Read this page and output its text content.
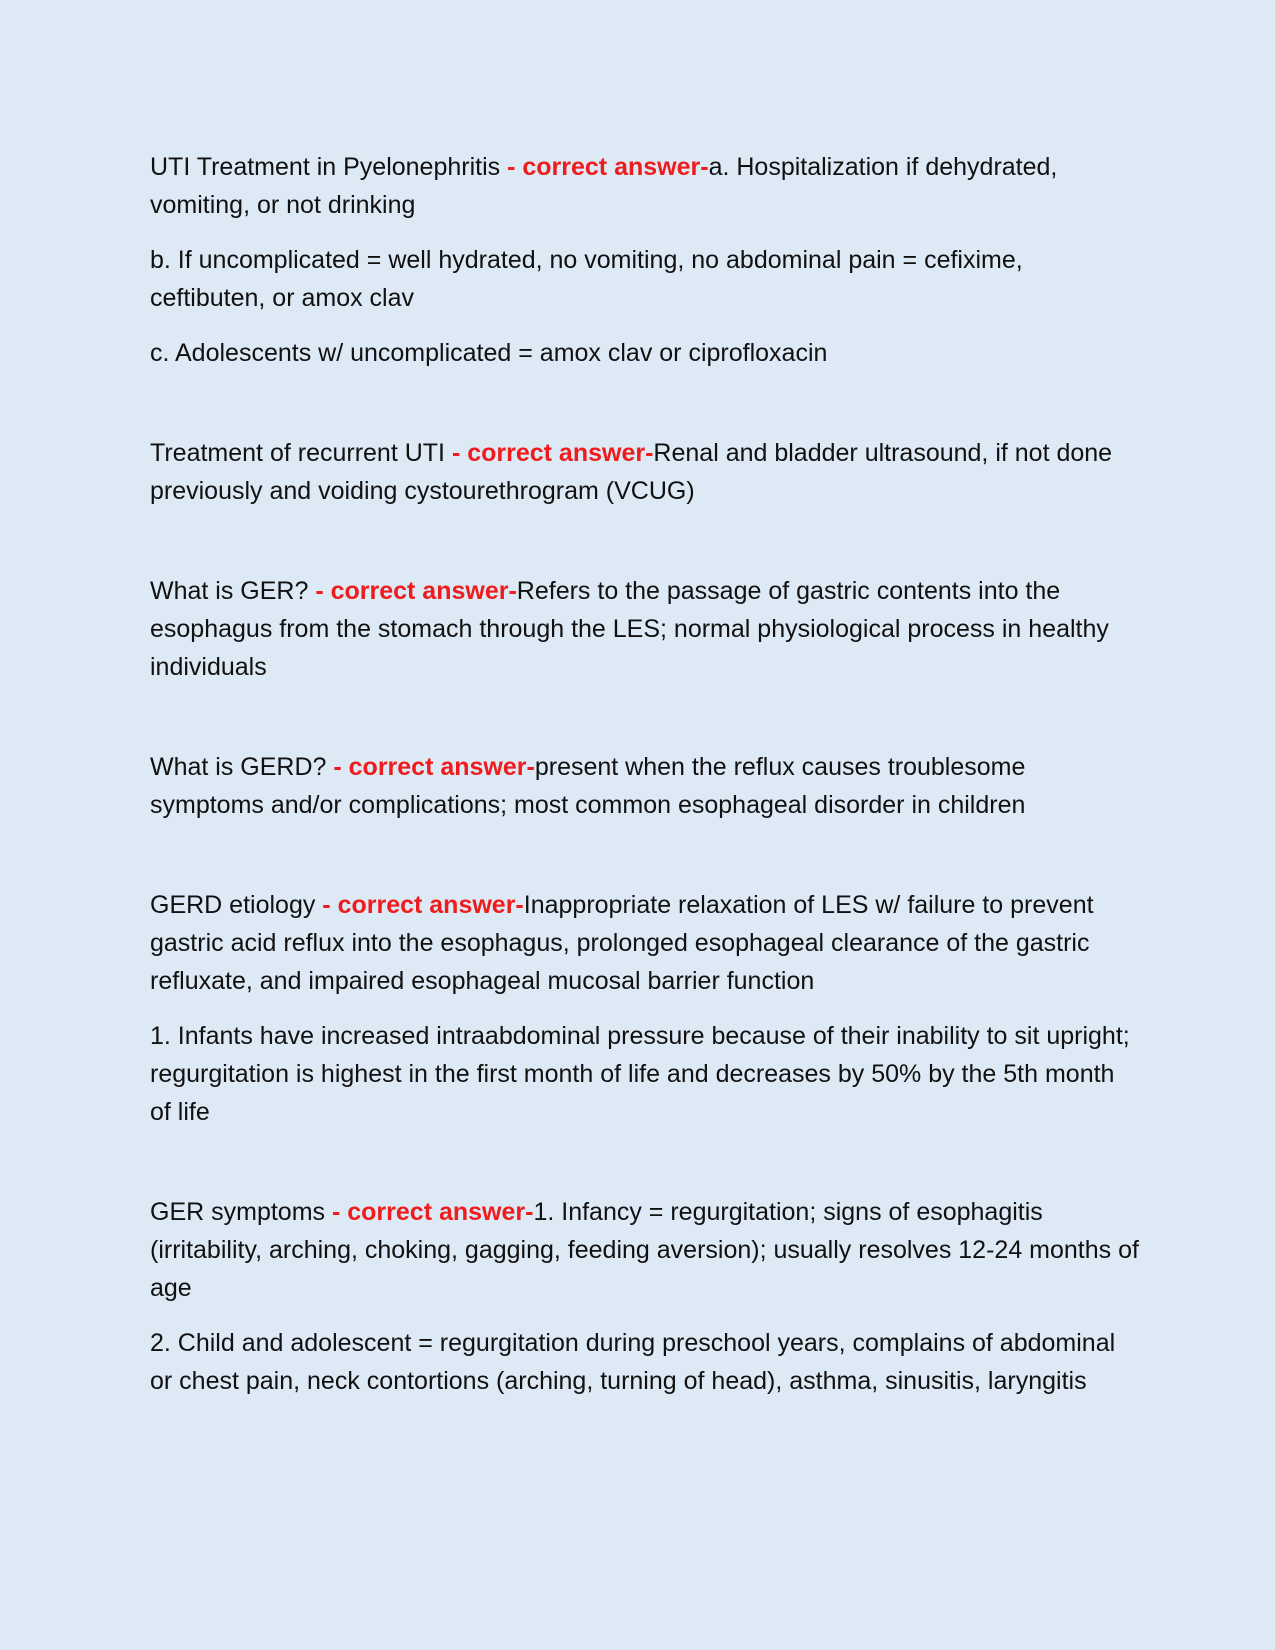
UTI Treatment in Pyelonephritis - correct answer-a. Hospitalization if dehydrated, vomiting, or not drinking

b. If uncomplicated = well hydrated, no vomiting, no abdominal pain = cefixime, ceftibuten, or amox clav

c. Adolescents w/ uncomplicated = amox clav or ciprofloxacin

Treatment of recurrent UTI - correct answer-Renal and bladder ultrasound, if not done previously and voiding cystourethrogram (VCUG)

What is GER? - correct answer-Refers to the passage of gastric contents into the esophagus from the stomach through the LES; normal physiological process in healthy individuals

What is GERD? - correct answer-present when the reflux causes troublesome symptoms and/or complications; most common esophageal disorder in children

GERD etiology - correct answer-Inappropriate relaxation of LES w/ failure to prevent gastric acid reflux into the esophagus, prolonged esophageal clearance of the gastric refluxate, and impaired esophageal mucosal barrier function

1. Infants have increased intraabdominal pressure because of their inability to sit upright; regurgitation is highest in the first month of life and decreases by 50% by the 5th month of life

GER symptoms - correct answer-1. Infancy = regurgitation; signs of esophagitis (irritability, arching, choking, gagging, feeding aversion); usually resolves 12-24 months of age

2. Child and adolescent = regurgitation during preschool years, complains of abdominal or chest pain, neck contortions (arching, turning of head), asthma, sinusitis, laryngitis
